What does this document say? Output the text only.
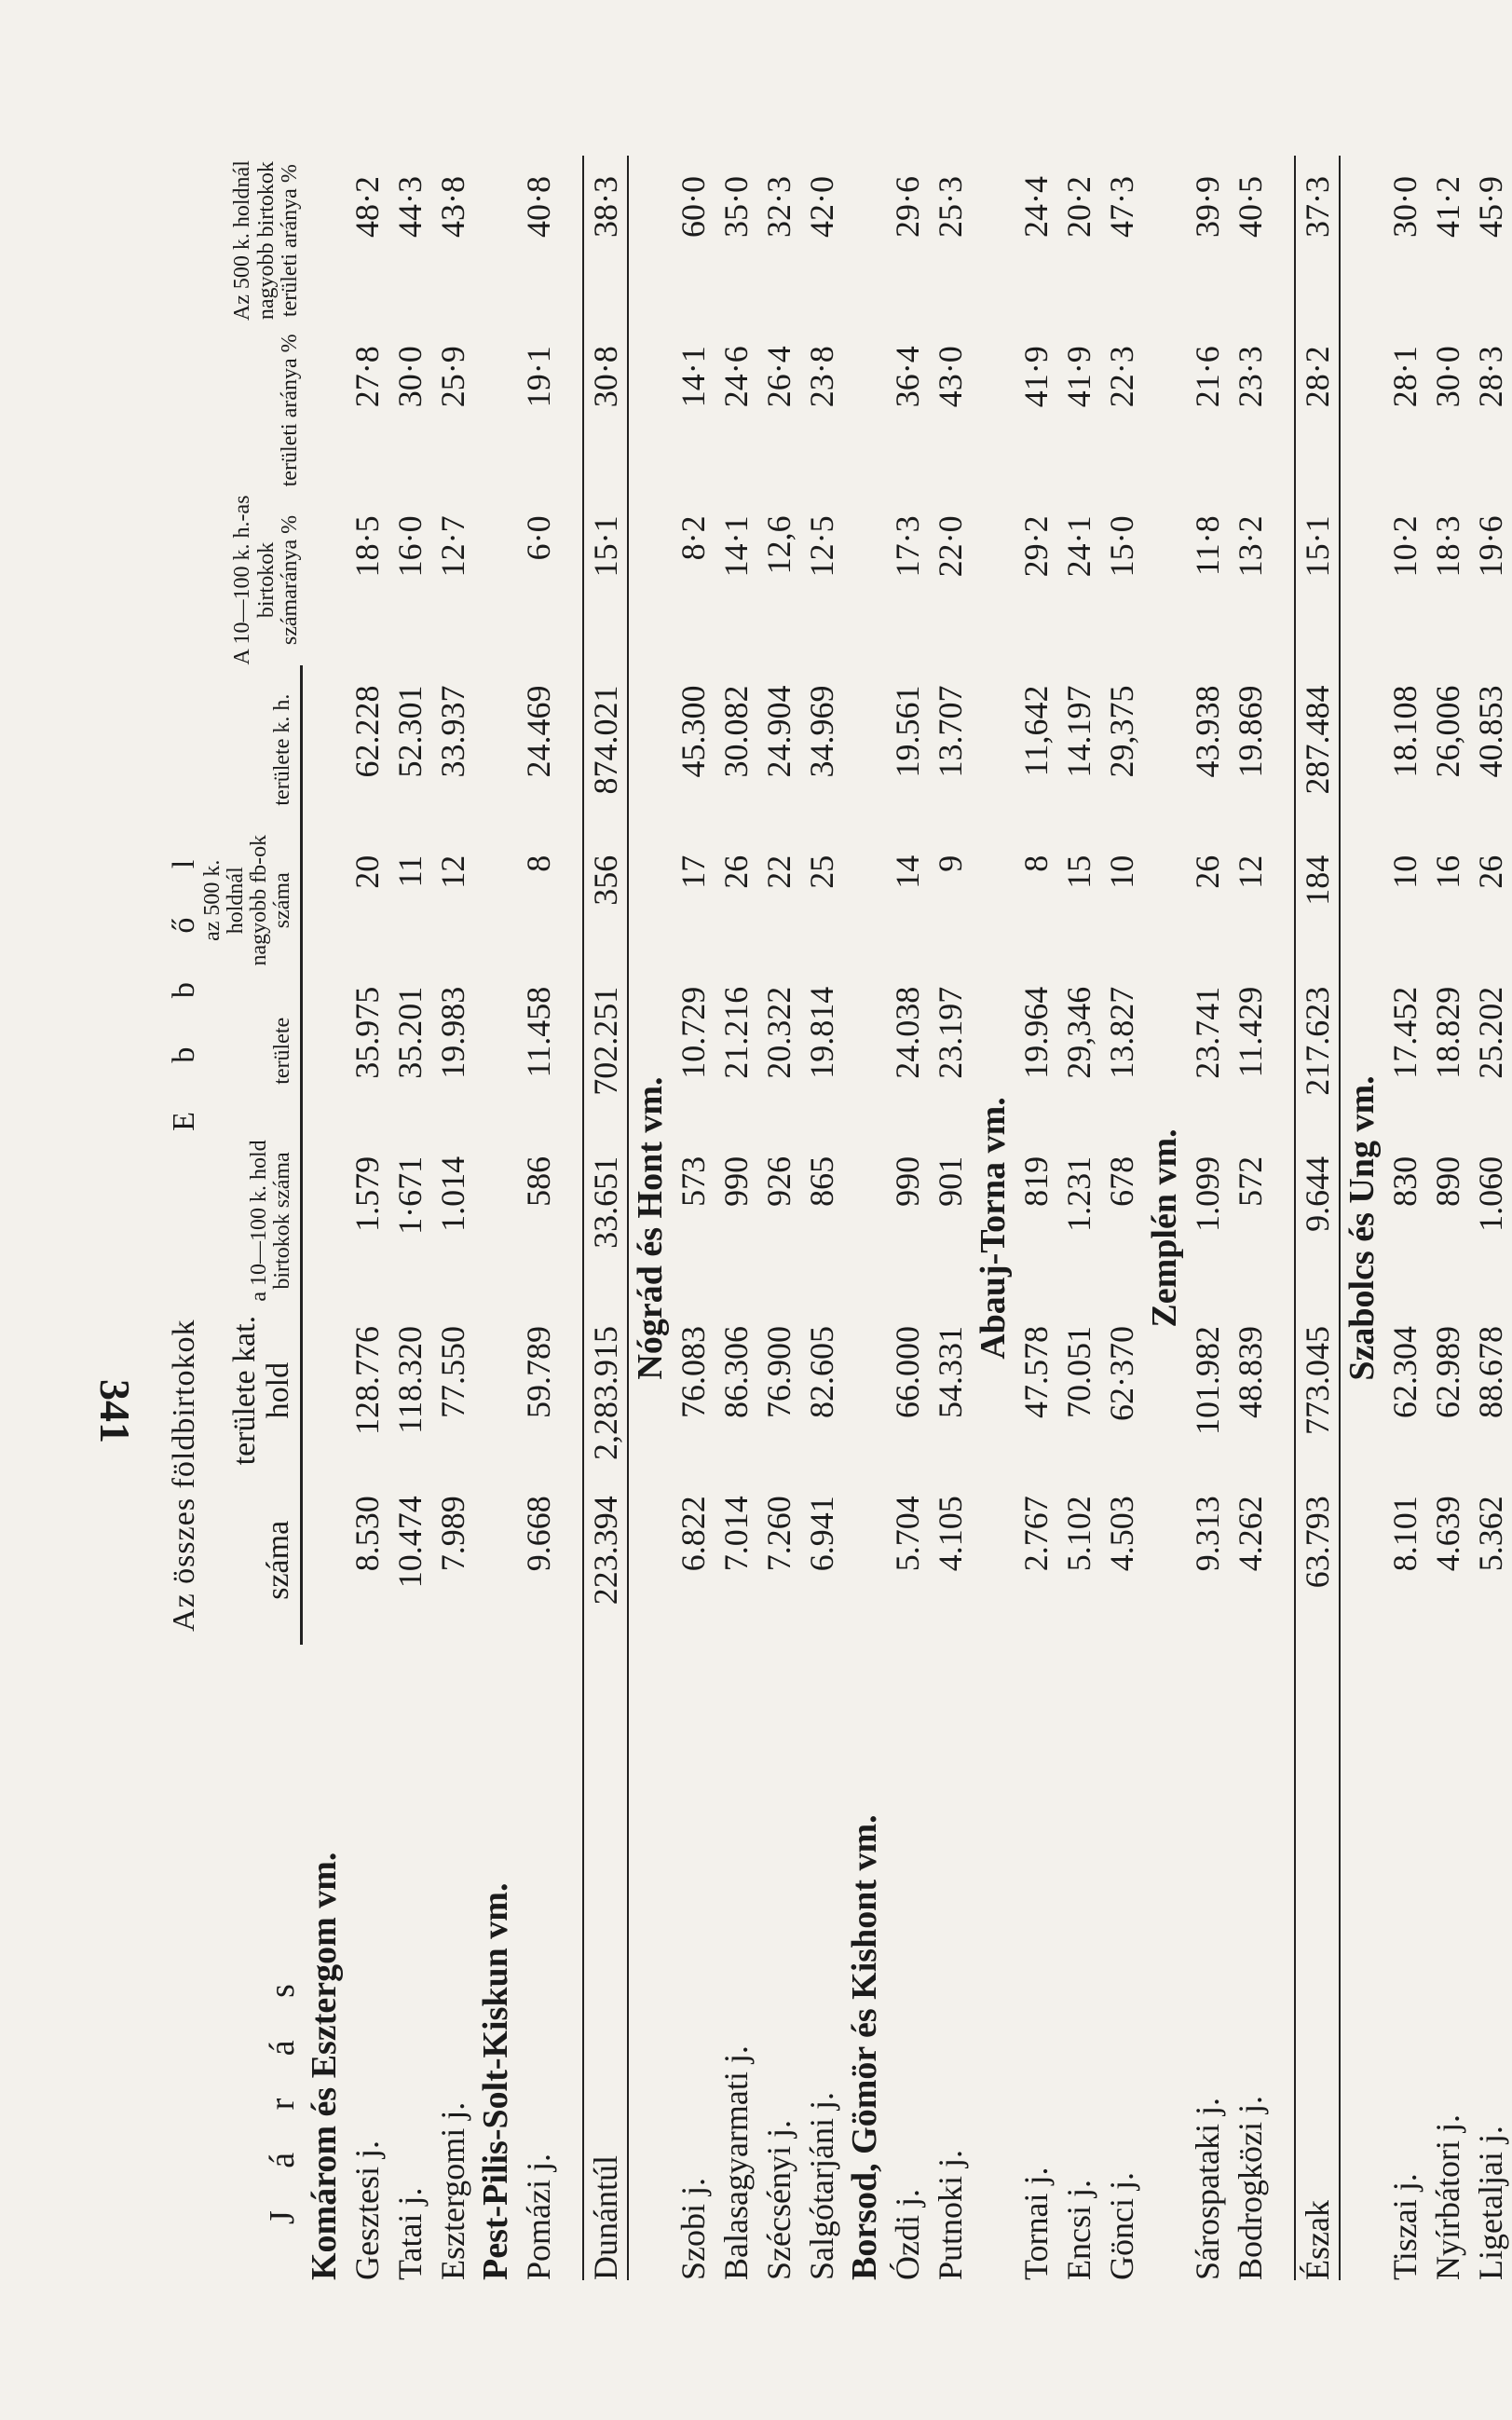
J á r á s	Az összes földbirtokok		E b b ő l				A 10—100 k. h.-as birtokok számaránya %	területi aránya %	Az 500 k. holdnál nagyobb birtokok területi aránya %
	száma	területe kat. hold	a 10—100 k. hold birtokok száma	területe	az 500 k. holdnál nagyobb fb-ok száma	területe k. h.			
Komárom és Esztergom vm.									
Gesztesi j.	8.530	128.776	1.579	35.975	20	62.228	18·5	27·8	48·2
Tatai j.	10.474	118.320	1·671	35.201	11	52.301	16·0	30·0	44·3
Esztergomi j.	7.989	77.550	1.014	19.983	12	33.937	12·7	25·9	43·8
Pest-Pilis-Solt-Kiskun vm.									
Pomázi j.	9.668	59.789	586	11.458	8	24.469	6·0	19·1	40·8

Dunántúl	223.394	2,283.915	33.651	702.251	356	874.021	15·1	30·8	38·3
Nógrád és Hont vm.									
Szobi j.	6.822	76.083	573	10.729	17	45.300	8·2	14·1	60·0
Balasagyarmati j.	7.014	86.306	990	21.216	26	30.082	14·1	24·6	35·0
Szécsényi j.	7.260	76.900	926	20.322	22	24.904	12,6	26·4	32·3
Salgótarjáni j.	6.941	82.605	865	19.814	25	34.969	12·5	23·8	42·0
Borsod, Gömör és Kishont vm.									
Ózdi j.	5.704	66.000	990	24.038	14	19.561	17·3	36·4	29·6
Putnoki j.	4.105	54.331	901	23.197	9	13.707	22·0	43·0	25·3
Abauj-Torna vm.									
Tornai j.	2.767	47.578	819	19.964	8	11,642	29·2	41·9	24·4
Encsi j.	5.102	70.051	1.231	29,346	15	14.197	24·1	41·9	20·2
Gönci j.	4.503	62·370	678	13.827	10	29,375	15·0	22·3	47·3
Zemplén vm.									
Sárospataki j.	9.313	101.982	1.099	23.741	26	43.938	11·8	21·6	39·9
Bodrogközi j.	4.262	48.839	572	11.429	12	19.869	13·2	23·3	40·5

Észak	63.793	773.045	9.644	217.623	184	287.484	15·1	28·2	37·3
Szabolcs és Ung vm.									
Tiszai j.	8.101	62.304	830	17.452	10	18.108	10·2	28·1	30·0
Nyírbátori j.	4.639	62.989	890	18.829	16	26,006	18·3	30·0	41·2
Ligetaljai j.	5.362	88.678	1.060	25.202	26	40.853	19·6	28·3	45·9
341
